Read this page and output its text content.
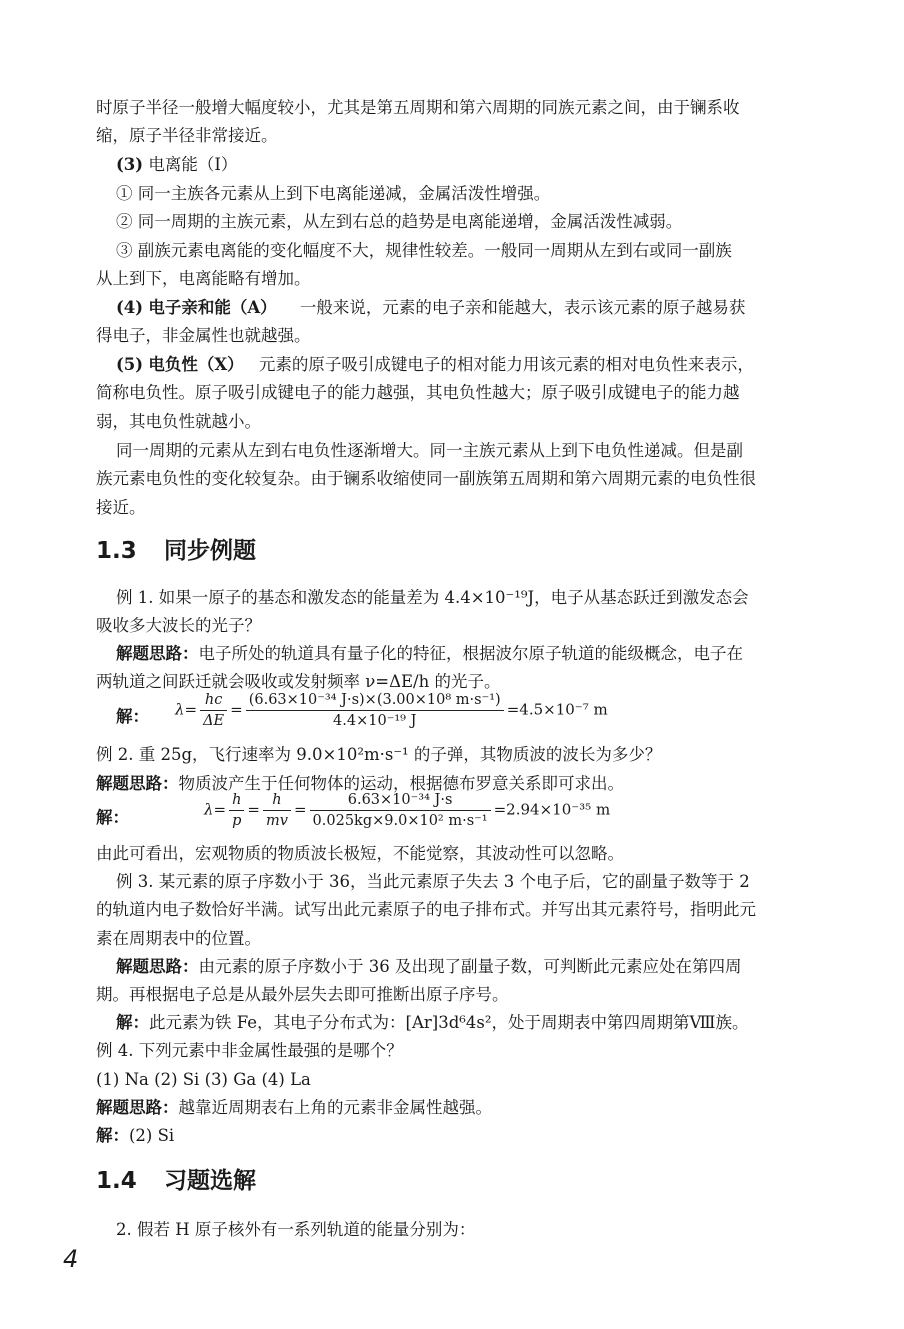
时原子半径一般增大幅度较小，尤其是第五周期和第六周期的同族元素之间，由于镧系收
缩，原子半径非常接近。
(3) 电离能（I）
① 同一主族各元素从上到下电离能递减，金属活泼性增强。
② 同一周期的主族元素，从左到右总的趋势是电离能递增，金属活泼性减弱。
③ 副族元素电离能的变化幅度不大，规律性较差。一般同一周期从左到右或同一副族
从上到下，电离能略有增加。
(4) 电子亲和能（A） 一般来说，元素的电子亲和能越大，表示该元素的原子越易获
得电子，非金属性也就越强。
(5) 电负性（X） 元素的原子吸引成键电子的相对能力用该元素的相对电负性来表示，
简称电负性。原子吸引成键电子的能力越强，其电负性越大；原子吸引成键电子的能力越
弱，其电负性就越小。
同一周期的元素从左到右电负性逐渐增大。同一主族元素从上到下电负性递减。但是副
族元素电负性的变化较复杂。由于镧系收缩使同一副族第五周期和第六周期元素的电负性很
接近。
1.3 同步例题
例 1. 如果一原子的基态和激发态的能量差为 4.4×10⁻¹⁹J，电子从基态跃迁到激发态会
吸收多大波长的光子？
解题思路：电子所处的轨道具有量子化的特征，根据波尔原子轨道的能级概念，电子在
两轨道之间跃迁就会吸收或发射频率 ν=ΔE/h 的光子。
解：	$\lambda= \frac{hc}{\Delta E} = \frac{\text{(6.63×10⁻³⁴ J·s)×(3.00×10⁸ m·s⁻¹)}}{\text{4.4×10⁻¹⁹ J}} =4.5\times 10^{-7}$ m
例 2. 重 25g，飞行速率为 9.0×10²m·s⁻¹ 的子弹，其物质波的波长为多少？
解题思路：物质波产生于任何物体的运动，根据德布罗意关系即可求出。
解：	$\lambda= \frac{h}{p} = \frac{h}{mv} = \frac{\text{6.63×10⁻³⁴ J·s}}{\text{0.025kg×9.0×10² m·s⁻¹}} =2.94\times 10^{-35}$ m
由此可看出，宏观物质的物质波长极短，不能觉察，其波动性可以忽略。
例 3. 某元素的原子序数小于 36，当此元素原子失去 3 个电子后，它的副量子数等于 2
的轨道内电子数恰好半满。试写出此元素原子的电子排布式。并写出其元素符号，指明此元
素在周期表中的位置。
解题思路：由元素的原子序数小于 36 及出现了副量子数，可判断此元素应处在第四周
期。再根据电子总是从最外层失去即可推断出原子序号。
解：此元素为铁 Fe，其电子分布式为：[Ar]3d⁶4s²，处于周期表中第四周期第Ⅷ族。
例 4. 下列元素中非金属性最强的是哪个？
(1) Na (2) Si (3) Ga (4) La
解题思路：越靠近周期表右上角的元素非金属性越强。
解：(2) Si
1.4 习题选解
2. 假若 H 原子核外有一系列轨道的能量分别为：
4
